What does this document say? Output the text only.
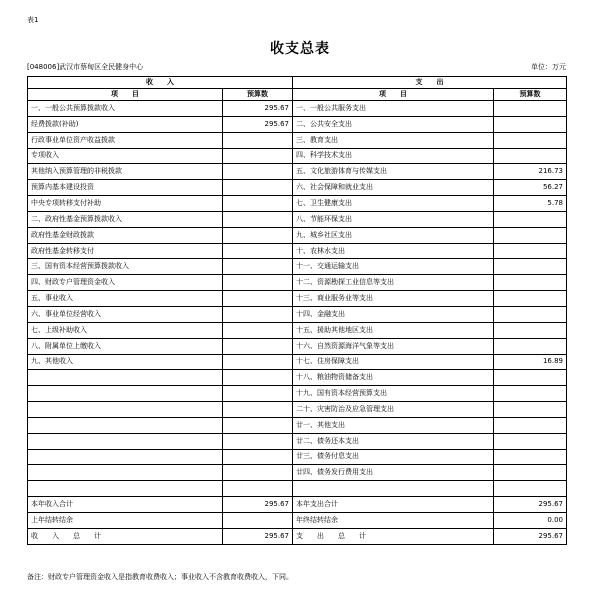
表1
收支总表
[048006]武汉市蔡甸区全民健身中心	单位：万元
收　　入		支　　出	
项　　目	预算数	项　　目	预算数
一、一般公共预算拨款收入	295.67	一、一般公共服务支出	
经费拨款(补助)	295.67	二、公共安全支出	
行政事业单位资产收益拨款		三、教育支出	
专项收入		四、科学技术支出	
其他纳入预算管理的非税拨款		五、文化旅游体育与传媒支出	216.73
预算内基本建设投资		六、社会保障和就业支出	56.27
中央专项转移支付补助		七、卫生健康支出	5.78
二、政府性基金预算拨款收入		八、节能环保支出	
政府性基金财政拨款		九、城乡社区支出	
政府性基金转移支付		十、农林水支出	
三、国有资本经营预算拨款收入		十一、交通运输支出	
四、财政专户管理资金收入		十二、资源勘探工业信息等支出	
五、事业收入		十三、商业服务业等支出	
六、事业单位经营收入		十四、金融支出	
七、上级补助收入		十五、援助其他地区支出	
八、附属单位上缴收入		十六、自然资源海洋气象等支出	
九、其他收入		十七、住房保障支出	16.89
		十八、粮油物资储备支出	
		十九、国有资本经营预算支出	
		二十、灾害防治及应急管理支出	
		廿一、其他支出	
		廿二、债务还本支出	
		廿三、债务付息支出	
		廿四、债务发行费用支出	

本年收入合计	295.67	本年支出合计	295.67
上年结转结余		年终结转结余	0.00
收　　入　　总　　计	295.67	支　　出　　总　　计	295.67
备注：财政专户管理资金收入是指教育收费收入；事业收入不含教育收费收入，下同。
